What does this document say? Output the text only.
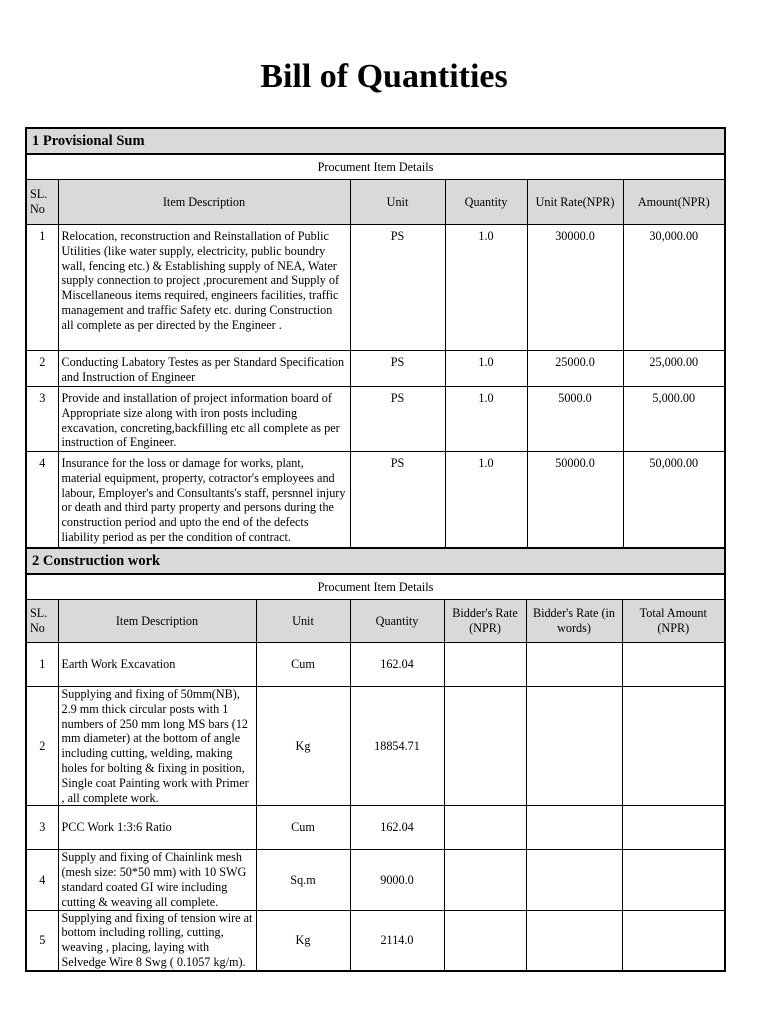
Bill of Quantities
1 Provisional Sum					
Procument Item Details					
SL. No	Item Description	Unit	Quantity	Unit Rate(NPR)	Amount(NPR)
1	Relocation, reconstruction and Reinstallation of Public Utilities (like water supply, electricity, public boundry wall, fencing etc.) & Establishing supply of NEA, Water supply connection to project ,procurement and Supply of Miscellaneous items required, engineers facilities, traffic management and traffic Safety etc. during Construction all complete as per directed by the Engineer .	PS	1.0	30000.0	30,000.00
2	Conducting Labatory Testes as per Standard Specification and Instruction of Engineer	PS	1.0	25000.0	25,000.00
3	Provide and installation of project information board of Appropriate size along with iron posts including excavation, concreting,backfilling etc all complete as per instruction of Engineer.	PS	1.0	5000.0	5,000.00
4	Insurance for the loss or damage for works, plant, material equipment, property, cotractor's employees and labour, Employer's and Consultants's staff, persnnel injury or death and third party property and persons during the construction period and upto the end of the defects liability period as per the condition of contract.	PS	1.0	50000.0	50,000.00
2 Construction work						
Procument Item Details						
SL. No	Item Description	Unit	Quantity	Bidder's Rate (NPR)	Bidder's Rate (in words)	Total Amount (NPR)
1	Earth Work Excavation	Cum	162.04			
2	Supplying and fixing of 50mm(NB), 2.9 mm thick circular posts with 1 numbers of 250 mm long MS bars (12 mm diameter) at the bottom of angle including cutting, welding, making holes for bolting & fixing in position, Single coat Painting work with Primer , all complete work.	Kg	18854.71			
3	PCC Work 1:3:6 Ratio	Cum	162.04			
4	Supply and fixing of Chainlink mesh (mesh size: 50*50 mm) with 10 SWG standard coated GI wire including cutting & weaving all complete.	Sq.m	9000.0			
5	Supplying and fixing of tension wire at bottom including rolling, cutting, weaving , placing, laying with Selvedge Wire 8 Swg ( 0.1057 kg/m).	Kg	2114.0			
